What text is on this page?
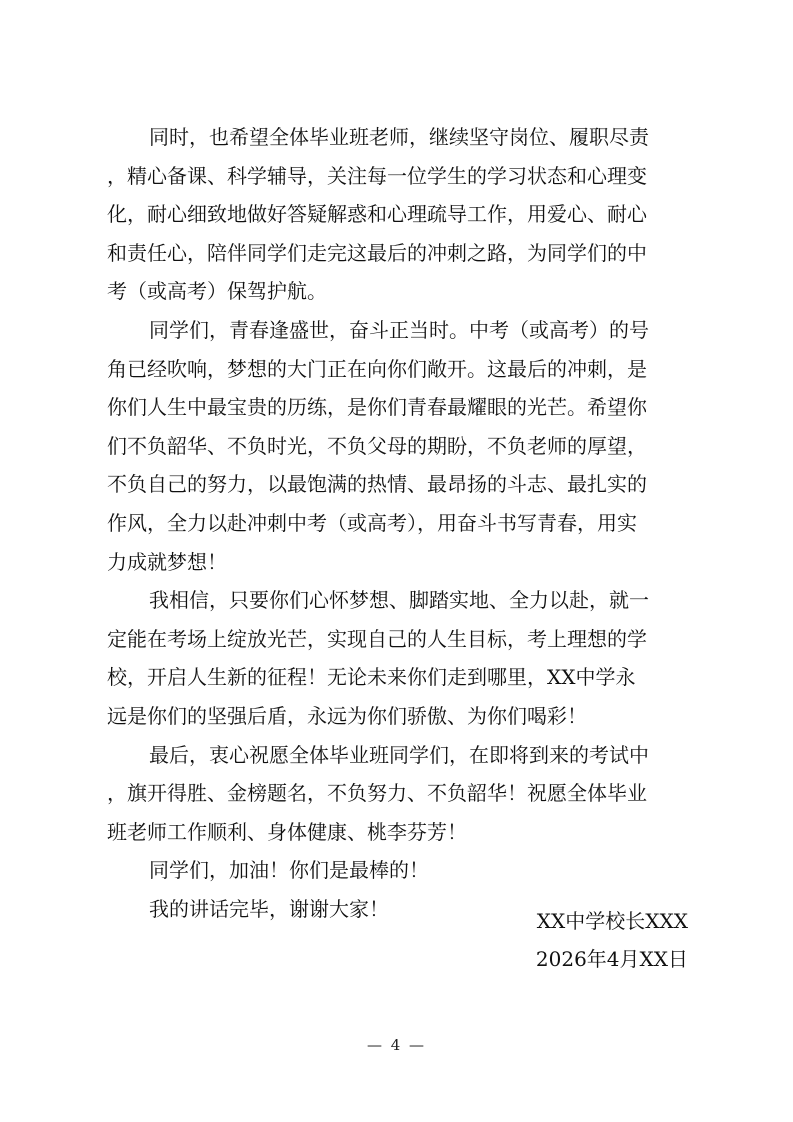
同时，也希望全体毕业班老师，继续坚守岗位、履职尽责
，精心备课、科学辅导，关注每一位学生的学习状态和心理变
化，耐心细致地做好答疑解惑和心理疏导工作，用爱心、耐心
和责任心，陪伴同学们走完这最后的冲刺之路，为同学们的中
考（或高考）保驾护航。
同学们，青春逢盛世，奋斗正当时。中考（或高考）的号
角已经吹响，梦想的大门正在向你们敞开。这最后的冲刺，是
你们人生中最宝贵的历练，是你们青春最耀眼的光芒。希望你
们不负韶华、不负时光，不负父母的期盼，不负老师的厚望，
不负自己的努力，以最饱满的热情、最昂扬的斗志、最扎实的
作风，全力以赴冲刺中考（或高考），用奋斗书写青春，用实
力成就梦想！
我相信，只要你们心怀梦想、脚踏实地、全力以赴，就一
定能在考场上绽放光芒，实现自己的人生目标，考上理想的学
校，开启人生新的征程！无论未来你们走到哪里，XX中学永
远是你们的坚强后盾，永远为你们骄傲、为你们喝彩！
最后，衷心祝愿全体毕业班同学们，在即将到来的考试中
，旗开得胜、金榜题名，不负努力、不负韶华！祝愿全体毕业
班老师工作顺利、身体健康、桃李芬芳！
同学们，加油！你们是最棒的！
我的讲话完毕，谢谢大家！
XX中学校长XXX
2026年4月XX日
— 4 —
